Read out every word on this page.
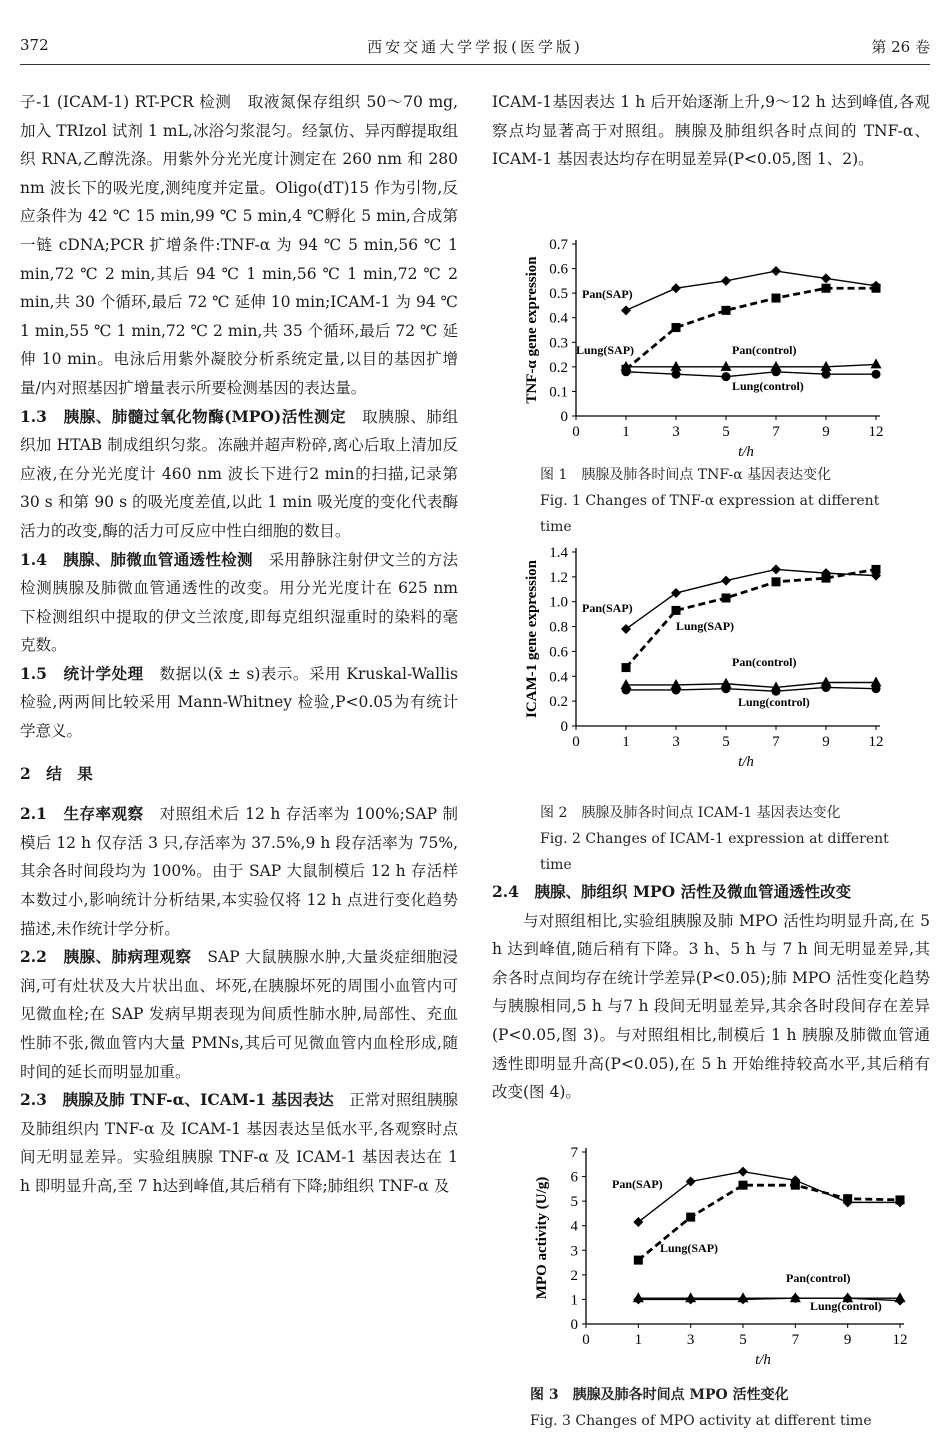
372	西安交通大学学报(医学版)	第 26 卷

子-1 (ICAM-1) RT-PCR 检测　取液氮保存组织 50～70 mg,加入 TRIzol 试剂 1 mL,冰浴匀浆混匀。经氯仿、异丙醇提取组织 RNA,乙醇洗涤。用紫外分光光度计测定在 260 nm 和 280 nm 波长下的吸光度,测纯度并定量。Oligo(dT)15 作为引物,反应条件为 42 ℃ 15 min,99 ℃ 5 min,4 ℃孵化 5 min,合成第一链 cDNA;PCR 扩增条件:TNF-α 为 94 ℃ 5 min,56 ℃ 1 min,72 ℃ 2 min,其后 94 ℃ 1 min,56 ℃ 1 min,72 ℃ 2 min,共 30 个循环,最后 72 ℃ 延伸 10 min;ICAM-1 为 94 ℃ 1 min,55 ℃ 1 min,72 ℃ 2 min,共 35 个循环,最后 72 ℃ 延伸 10 min。电泳后用紫外凝胶分析系统定量,以目的基因扩增量/内对照基因扩增量表示所要检测基因的表达量。

1.3　胰腺、肺髓过氧化物酶(MPO)活性测定　取胰腺、肺组织加 HTAB 制成组织匀浆。冻融并超声粉碎,离心后取上清加反应液,在分光光度计 460 nm 波长下进行2 min的扫描,记录第 30 s 和第 90 s 的吸光度差值,以此 1 min 吸光度的变化代表酶活力的改变,酶的活力可反应中性白细胞的数目。

1.4　胰腺、肺微血管通透性检测　采用静脉注射伊文兰的方法检测胰腺及肺微血管通透性的改变。用分光光度计在 625 nm 下检测组织中提取的伊文兰浓度,即每克组织湿重时的染料的毫克数。

1.5　统计学处理　数据以(x̄ ± s)表示。采用 Kruskal-Wallis 检验,两两间比较采用 Mann-Whitney 检验,P<0.05为有统计学意义。

2　结　果

2.1　生存率观察　对照组术后 12 h 存活率为 100%;SAP 制模后 12 h 仅存活 3 只,存活率为 37.5%,9 h 段存活率为 75%,其余各时间段均为 100%。由于 SAP 大鼠制模后 12 h 存活样本数过小,影响统计分析结果,本实验仅将 12 h 点进行变化趋势描述,未作统计学分析。

2.2　胰腺、肺病理观察　SAP 大鼠胰腺水肿,大量炎症细胞浸润,可有灶状及大片状出血、坏死,在胰腺坏死的周围小血管内可见微血栓;在 SAP 发病早期表现为间质性肺水肿,局部性、充血性肺不张,微血管内大量 PMNs,其后可见微血管内血栓形成,随时间的延长而明显加重。

2.3　胰腺及肺 TNF-α、ICAM-1 基因表达　正常对照组胰腺及肺组织内 TNF-α 及 ICAM-1 基因表达呈低水平,各观察时点间无明显差异。实验组胰腺 TNF-α 及 ICAM-1 基因表达在 1 h 即明显升高,至 7 h达到峰值,其后稍有下降;肺组织 TNF-α 及

ICAM-1基因表达 1 h 后开始逐渐上升,9～12 h 达到峰值,各观察点均显著高于对照组。胰腺及肺组织各时点间的 TNF-α、ICAM-1 基因表达均存在明显差异(P<0.05,图 1、2)。

0
0.1
0.2
0.3
0.4
0.5
0.6
0.7
0	1	3	5	7	9	12
t/h
TNF-α gene expression	Pan(SAP)
Lung(SAP)	Pan(control)
Lung(control)
图 1　胰腺及肺各时间点 TNF-α 基因表达变化
Fig. 1 Changes of TNF-α expression at different time
0
0.2
0.4
0.6
0.8
1.0
1.2
1.4
0	1	3	5	7	9	12
t/h
ICAM-1 gene expression	Pan(SAP)
Lung(SAP)
Pan(control)
Lung(control)
图 2　胰腺及肺各时间点 ICAM-1 基因表达变化
Fig. 2 Changes of ICAM-1 expression at different time

2.4　胰腺、肺组织 MPO 活性及微血管通透性改变

与对照组相比,实验组胰腺及肺 MPO 活性均明显升高,在 5 h 达到峰值,随后稍有下降。3 h、5 h 与 7 h 间无明显差异,其余各时点间均存在统计学差异(P<0.05);肺 MPO 活性变化趋势与胰腺相同,5 h 与7 h 段间无明显差异,其余各时段间存在差异(P<0.05,图 3)。与对照组相比,制模后 1 h 胰腺及肺微血管通透性即明显升高(P<0.05),在 5 h 开始维持较高水平,其后稍有改变(图 4)。

0
1
2
3
4
5
6
7
0	1	3	5	7	9	12
t/h
MPO activity (U/g)	Pan(SAP)
Lung(SAP)
Pan(control)
Lung(control)
图 3　胰腺及肺各时间点 MPO 活性变化
Fig. 3 Changes of MPO activity at different time
